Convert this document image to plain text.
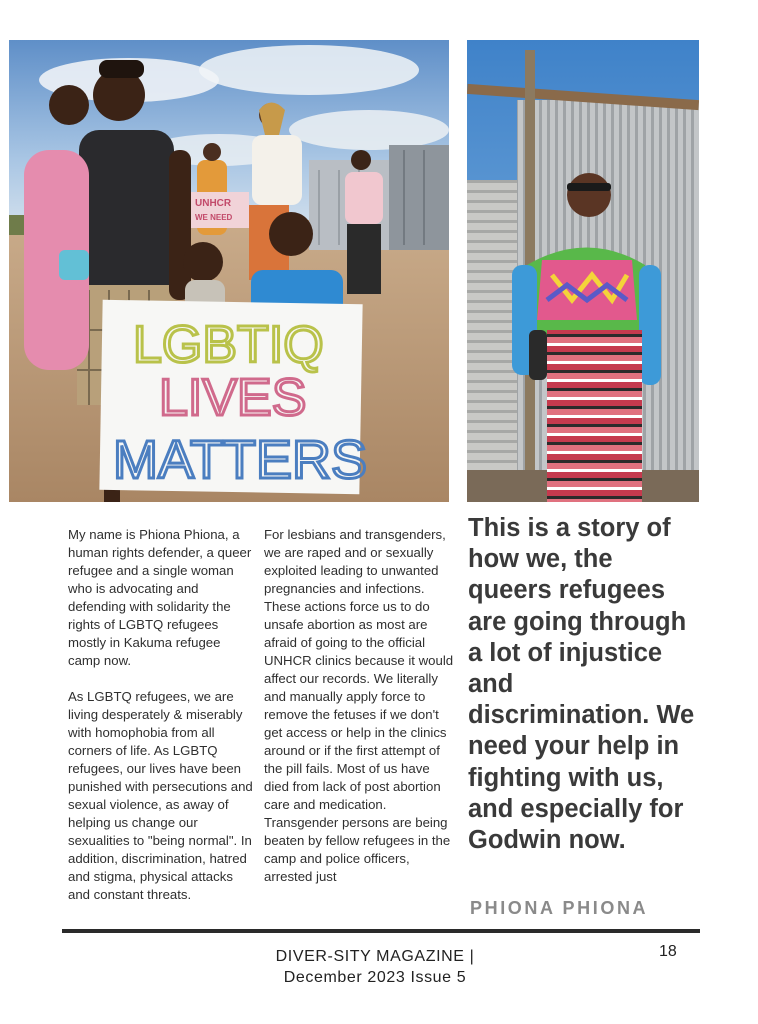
UNHCR
WE NEED
LGBTIQ
LIVES
MATTERS

My name is Phiona Phiona, a human rights defender, a queer refugee and a single woman who is advocating and defending with solidarity the rights of LGBTQ refugees mostly in Kakuma refugee camp now.

As LGBTQ refugees, we are living desperately & miserably with homophobia from all corners of life. As LGBTQ refugees, our lives have been punished with persecutions and sexual violence, as away of helping us change our sexualities to "being normal". In addition, discrimination, hatred and stigma, physical attacks and constant threats.

For lesbians and transgenders, we are raped and or sexually exploited leading to unwanted pregnancies and infections. These actions force us to do unsafe abortion as most are afraid of going to the official UNHCR clinics because it would affect our records. We literally and manually apply force to remove the fetuses if we don't get access or help in the clinics around or if the first attempt of the pill fails. Most of us have died from lack of post abortion care and medication. Transgender persons are being beaten by fellow refugees in the camp and police officers, arrested just

This is a story of how we, the queers refugees are going through a lot of injustice and discrimination. We need your help in fighting with us, and especially for Godwin now.

PHIONA PHIONA
DIVER-SITY MAGAZINE |
December 2023 Issue 5
18
